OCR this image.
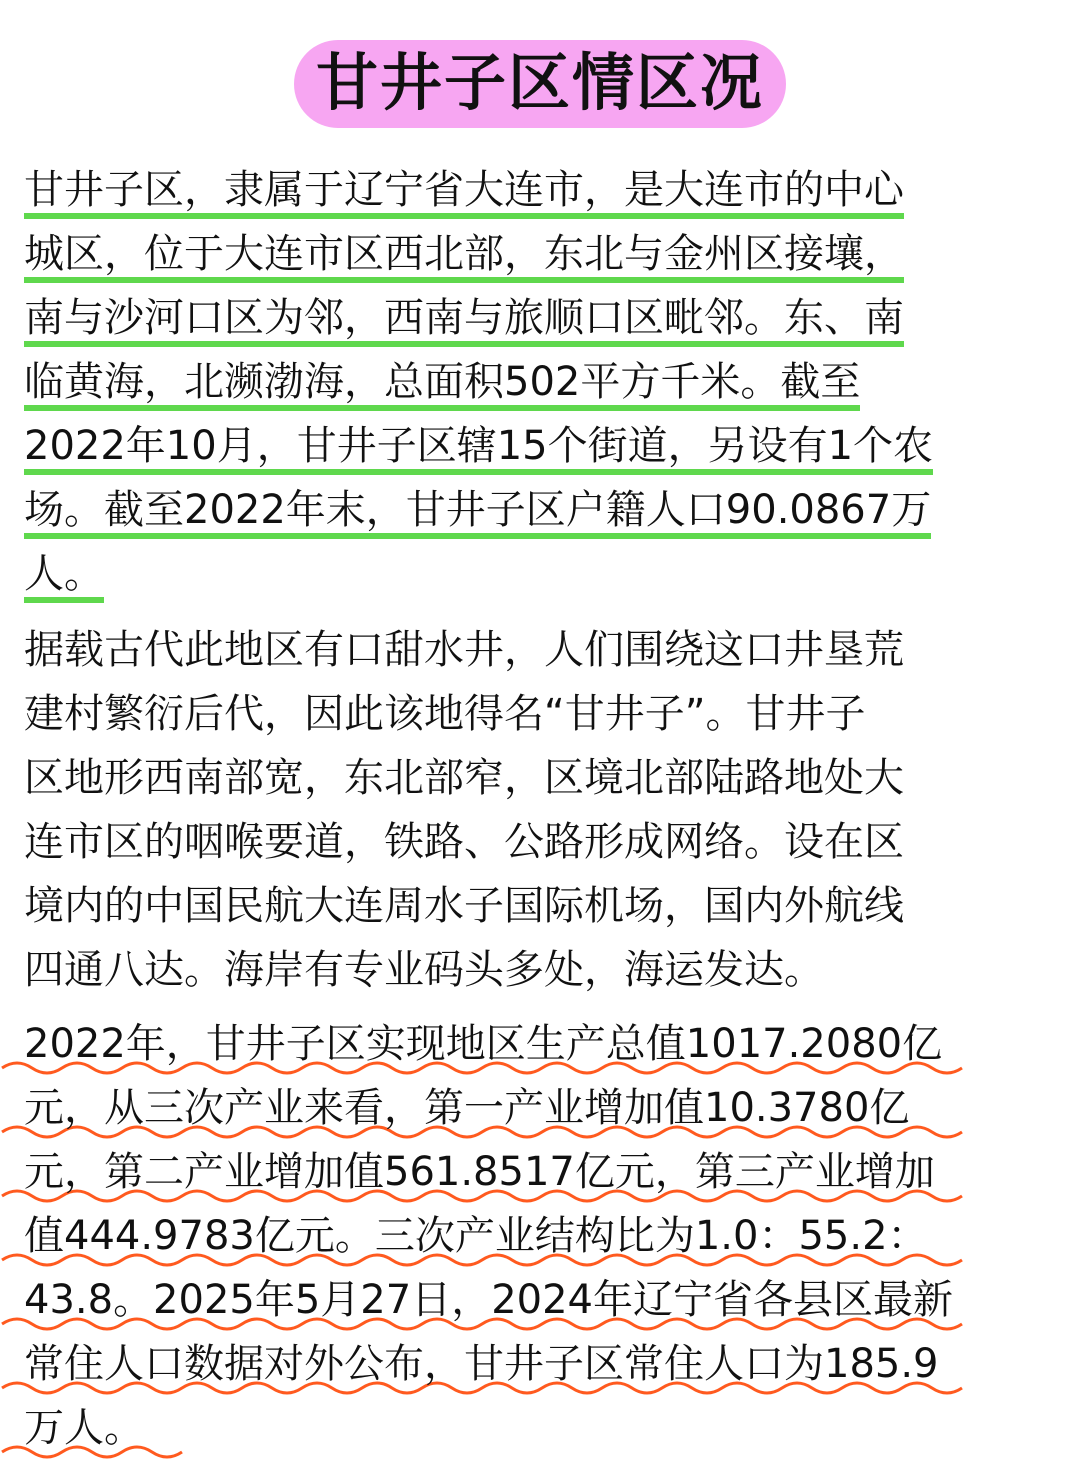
甘井子区情区况
甘井子区，隶属于辽宁省大连市，是大连市的中心
城区，位于大连市区西北部，东北与金州区接壤，
南与沙河口区为邻，西南与旅顺口区毗邻。东、南
临黄海，北濒渤海，总面积502平方千米。截至
2022年10月，甘井子区辖15个街道，另设有1个农
场。截至2022年末，甘井子区户籍人口90.0867万
人。
据载古代此地区有口甜水井，人们围绕这口井垦荒
建村繁衍后代，因此该地得名“甘井子”。甘井子
区地形西南部宽，东北部窄，区境北部陆路地处大
连市区的咽喉要道，铁路、公路形成网络。设在区
境内的中国民航大连周水子国际机场，国内外航线
四通八达。海岸有专业码头多处，海运发达。
2022年，甘井子区实现地区生产总值1017.2080亿
元，从三次产业来看，第一产业增加值10.3780亿
元，第二产业增加值561.8517亿元，第三产业增加
值444.9783亿元。三次产业结构比为1.0：55.2：
43.8。2025年5月27日，2024年辽宁省各县区最新
常住人口数据对外公布，甘井子区常住人口为185.9
万人。
